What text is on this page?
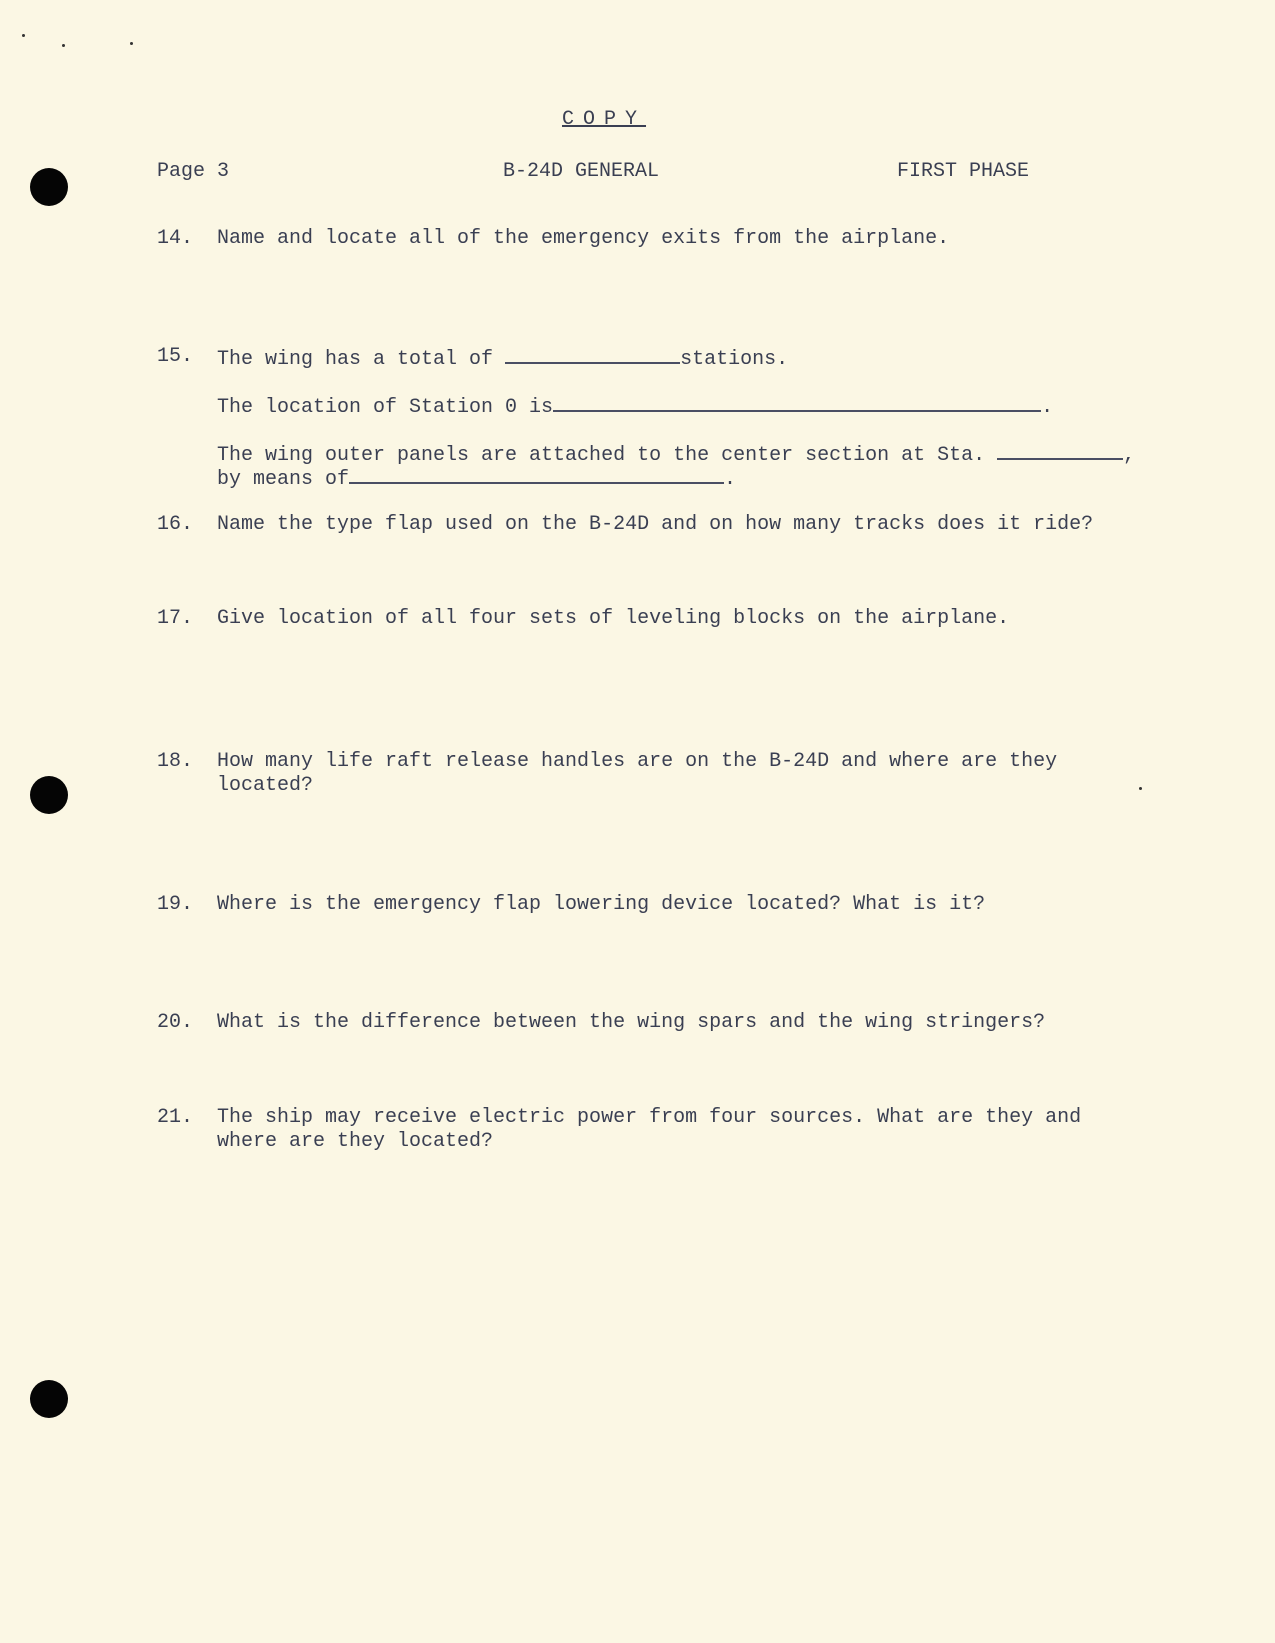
COPY
Page 3	B-24D GENERAL	FIRST PHASE
14. Name and locate all of the emergency exits from the airplane.
15. The wing has a total of	stations.
The location of Station 0 is	.
The wing outer panels are attached to the center section at Sta.	,
by means of	.
16. Name the type flap used on the B-24D and on how many tracks does it ride?
17. Give location of all four sets of leveling blocks on the airplane.
18. How many life raft release handles are on the B-24D and where are they
located?
19. Where is the emergency flap lowering device located? What is it?
20. What is the difference between the wing spars and the wing stringers?
21. The ship may receive electric power from four sources. What are they and
where are they located?
